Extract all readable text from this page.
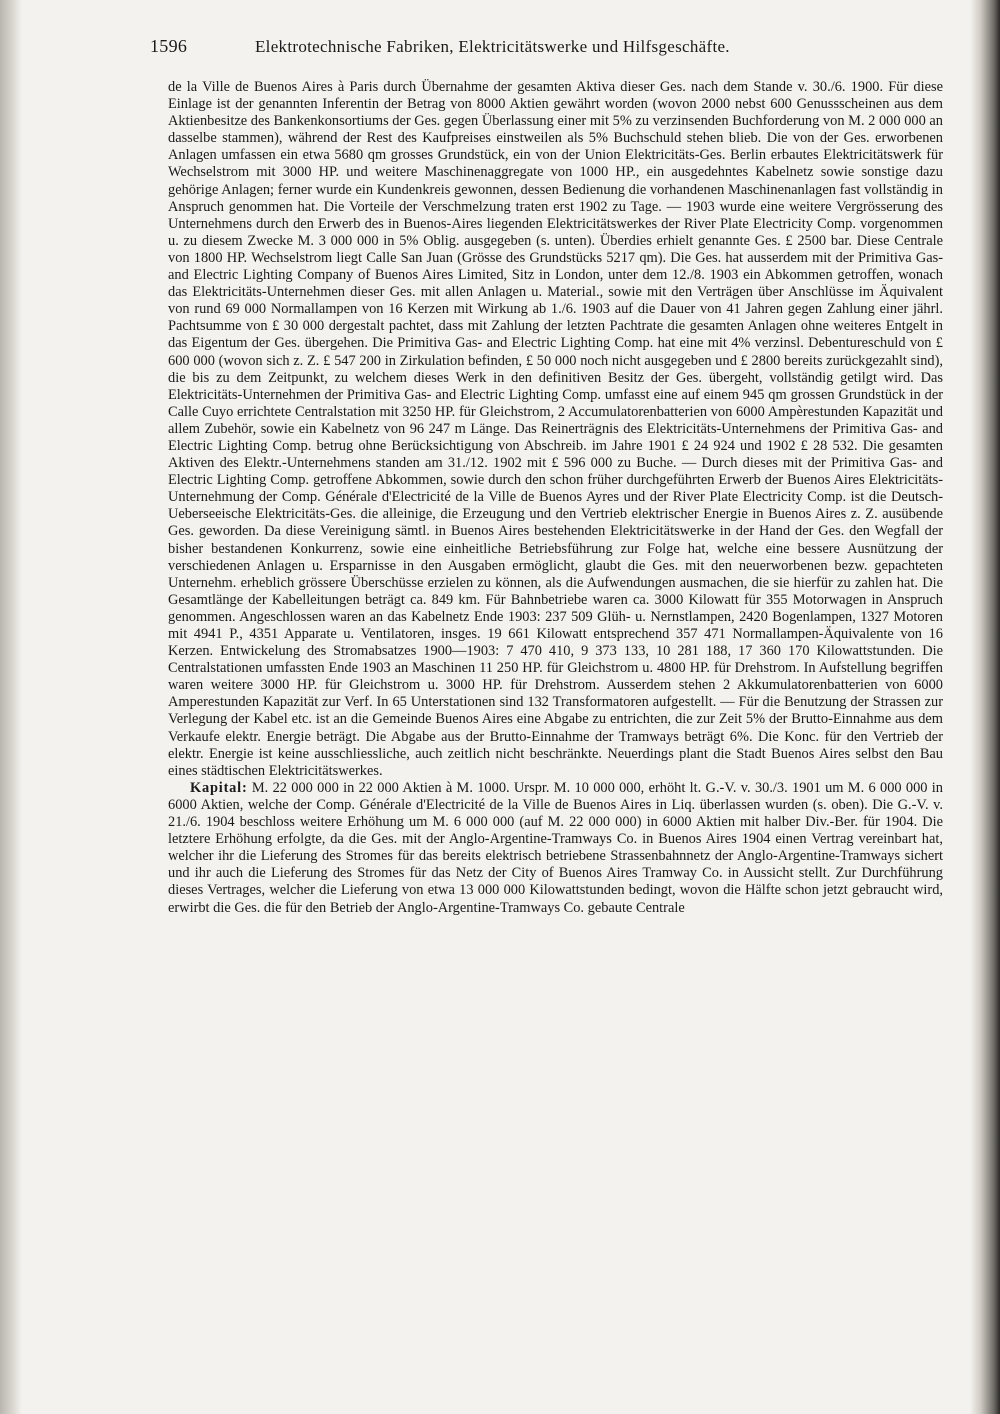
1596	Elektrotechnische Fabriken, Elektricitätswerke und Hilfsgeschäfte.
de la Ville de Buenos Aires à Paris durch Übernahme der gesamten Aktiva dieser Ges. nach dem Stande v. 30./6. 1900. Für diese Einlage ist der genannten Inferentin der Betrag von 8000 Aktien gewährt worden (wovon 2000 nebst 600 Genussscheinen aus dem Aktienbesitze des Bankenkonsortiums der Ges. gegen Überlassung einer mit 5% zu verzinsenden Buchforderung von M. 2 000 000 an dasselbe stammen), während der Rest des Kaufpreises einstweilen als 5% Buchschuld stehen blieb. Die von der Ges. erworbenen Anlagen umfassen ein etwa 5680 qm grosses Grundstück, ein von der Union Elektricitäts-Ges. Berlin erbautes Elektricitätswerk für Wechselstrom mit 3000 HP. und weitere Maschinenaggregate von 1000 HP., ein ausgedehntes Kabelnetz sowie sonstige dazu gehörige Anlagen; ferner wurde ein Kundenkreis gewonnen, dessen Bedienung die vorhandenen Maschinenanlagen fast vollständig in Anspruch genommen hat. Die Vorteile der Verschmelzung traten erst 1902 zu Tage. — 1903 wurde eine weitere Vergrösserung des Unternehmens durch den Erwerb des in Buenos-Aires liegenden Elektricitätswerkes der River Plate Electricity Comp. vorgenommen u. zu diesem Zwecke M. 3 000 000 in 5% Oblig. ausgegeben (s. unten). Überdies erhielt genannte Ges. £ 2500 bar. Diese Centrale von 1800 HP. Wechselstrom liegt Calle San Juan (Grösse des Grundstücks 5217 qm). Die Ges. hat ausserdem mit der Primitiva Gas- and Electric Lighting Company of Buenos Aires Limited, Sitz in London, unter dem 12./8. 1903 ein Abkommen getroffen, wonach das Elektricitäts-Unternehmen dieser Ges. mit allen Anlagen u. Material., sowie mit den Verträgen über Anschlüsse im Äquivalent von rund 69 000 Normallampen von 16 Kerzen mit Wirkung ab 1./6. 1903 auf die Dauer von 41 Jahren gegen Zahlung einer jährl. Pachtsumme von £ 30 000 dergestalt pachtet, dass mit Zahlung der letzten Pachtrate die gesamten Anlagen ohne weiteres Entgelt in das Eigentum der Ges. übergehen. Die Primitiva Gas- and Electric Lighting Comp. hat eine mit 4% verzinsl. Debentureschuld von £ 600 000 (wovon sich z. Z. £ 547 200 in Zirkulation befinden, £ 50 000 noch nicht ausgegeben und £ 2800 bereits zurückgezahlt sind), die bis zu dem Zeitpunkt, zu welchem dieses Werk in den definitiven Besitz der Ges. übergeht, vollständig getilgt wird. Das Elektricitäts-Unternehmen der Primitiva Gas- and Electric Lighting Comp. umfasst eine auf einem 945 qm grossen Grundstück in der Calle Cuyo errichtete Centralstation mit 3250 HP. für Gleichstrom, 2 Accumulatorenbatterien von 6000 Ampèrestunden Kapazität und allem Zubehör, sowie ein Kabelnetz von 96 247 m Länge. Das Reinerträgnis des Elektricitäts-Unternehmens der Primitiva Gas- and Electric Lighting Comp. betrug ohne Berücksichtigung von Abschreib. im Jahre 1901 £ 24 924 und 1902 £ 28 532. Die gesamten Aktiven des Elektr.-Unternehmens standen am 31./12. 1902 mit £ 596 000 zu Buche. — Durch dieses mit der Primitiva Gas- and Electric Lighting Comp. getroffene Abkommen, sowie durch den schon früher durchgeführten Erwerb der Buenos Aires Elektricitäts-Unternehmung der Comp. Générale d'Electricité de la Ville de Buenos Ayres und der River Plate Electricity Comp. ist die Deutsch-Ueberseeische Elektricitäts-Ges. die alleinige, die Erzeugung und den Vertrieb elektrischer Energie in Buenos Aires z. Z. ausübende Ges. geworden. Da diese Vereinigung sämtl. in Buenos Aires bestehenden Elektricitätswerke in der Hand der Ges. den Wegfall der bisher bestandenen Konkurrenz, sowie eine einheitliche Betriebsführung zur Folge hat, welche eine bessere Ausnützung der verschiedenen Anlagen u. Ersparnisse in den Ausgaben ermöglicht, glaubt die Ges. mit den neuerworbenen bezw. gepachteten Unternehm. erheblich grössere Überschüsse erzielen zu können, als die Aufwendungen ausmachen, die sie hierfür zu zahlen hat. Die Gesamtlänge der Kabelleitungen beträgt ca. 849 km. Für Bahnbetriebe waren ca. 3000 Kilowatt für 355 Motorwagen in Anspruch genommen. Angeschlossen waren an das Kabelnetz Ende 1903: 237 509 Glüh- u. Nernstlampen, 2420 Bogenlampen, 1327 Motoren mit 4941 P., 4351 Apparate u. Ventilatoren, insges. 19 661 Kilowatt entsprechend 357 471 Normallampen-Äquivalente von 16 Kerzen. Entwickelung des Stromabsatzes 1900—1903: 7 470 410, 9 373 133, 10 281 188, 17 360 170 Kilowattstunden. Die Centralstationen umfassten Ende 1903 an Maschinen 11 250 HP. für Gleichstrom u. 4800 HP. für Drehstrom. In Aufstellung begriffen waren weitere 3000 HP. für Gleichstrom u. 3000 HP. für Drehstrom. Ausserdem stehen 2 Akkumulatorenbatterien von 6000 Amperestunden Kapazität zur Verf. In 65 Unterstationen sind 132 Transformatoren aufgestellt. — Für die Benutzung der Strassen zur Verlegung der Kabel etc. ist an die Gemeinde Buenos Aires eine Abgabe zu entrichten, die zur Zeit 5% der Brutto-Einnahme aus dem Verkaufe elektr. Energie beträgt. Die Abgabe aus der Brutto-Einnahme der Tramways beträgt 6%. Die Konc. für den Vertrieb der elektr. Energie ist keine ausschliessliche, auch zeitlich nicht beschränkte. Neuerdings plant die Stadt Buenos Aires selbst den Bau eines städtischen Elektricitätswerkes.
Kapital: M. 22 000 000 in 22 000 Aktien à M. 1000. Urspr. M. 10 000 000, erhöht lt. G.-V. v. 30./3. 1901 um M. 6 000 000 in 6000 Aktien, welche der Comp. Générale d'Electricité de la Ville de Buenos Aires in Liq. überlassen wurden (s. oben). Die G.-V. v. 21./6. 1904 beschloss weitere Erhöhung um M. 6 000 000 (auf M. 22 000 000) in 6000 Aktien mit halber Div.-Ber. für 1904. Die letztere Erhöhung erfolgte, da die Ges. mit der Anglo-Argentine-Tramways Co. in Buenos Aires 1904 einen Vertrag vereinbart hat, welcher ihr die Lieferung des Stromes für das bereits elektrisch betriebene Strassenbahnnetz der Anglo-Argentine-Tramways sichert und ihr auch die Lieferung des Stromes für das Netz der City of Buenos Aires Tramway Co. in Aussicht stellt. Zur Durchführung dieses Vertrages, welcher die Lieferung von etwa 13 000 000 Kilowattstunden bedingt, wovon die Hälfte schon jetzt gebraucht wird, erwirbt die Ges. die für den Betrieb der Anglo-Argentine-Tramways Co. gebaute Centrale
